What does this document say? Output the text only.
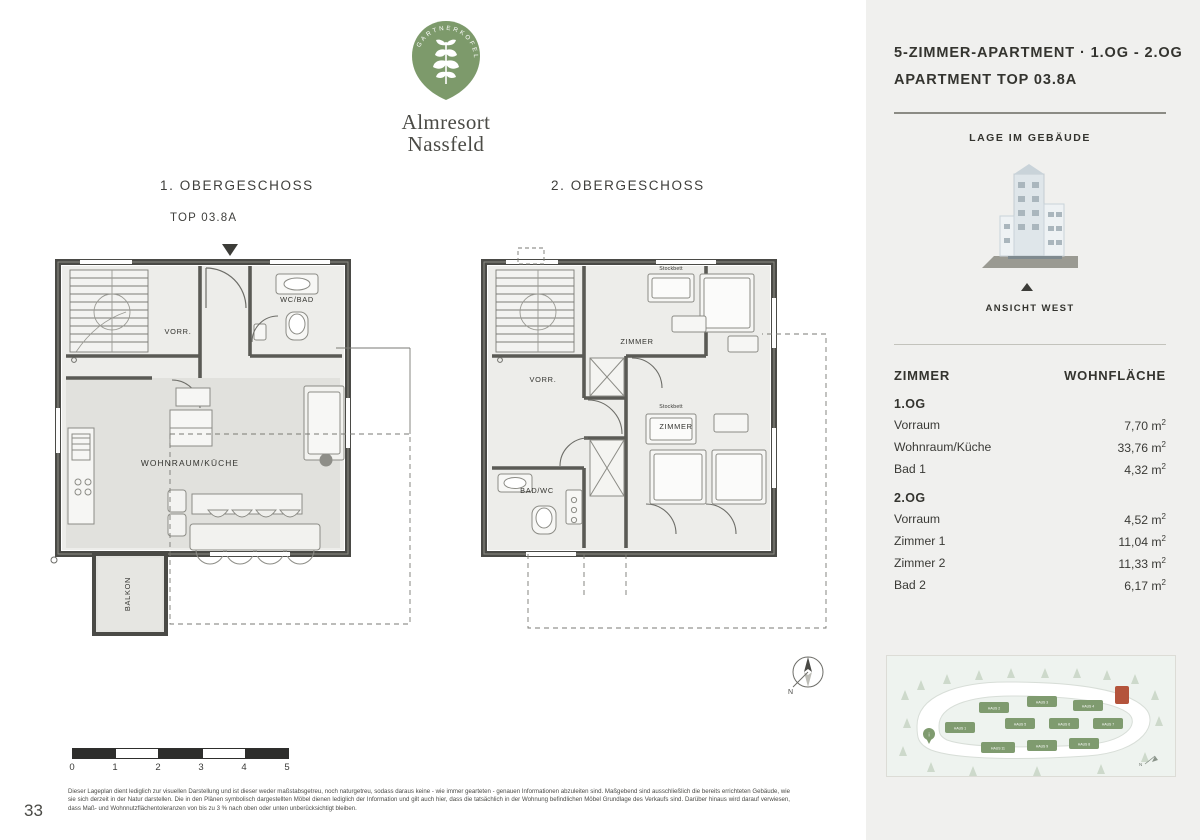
GARTNERKOFEL
Almresort
Nassfeld
1. OBERGESCHOSS	2. OBERGESCHOSS
TOP 03.8A
VORR.
WC/BAD
WOHNRAUM/KÜCHE
BALKON
Stockbett
Stockbett
ZIMMER
VORR.
ZIMMER
BAD/WC
N
0	1	2	3	4	5
33
Dieser Lageplan dient lediglich zur visuellen Darstellung und ist dieser weder maßstabsgetreu, noch naturgetreu, sodass daraus keine - wie immer gearteten - genauen Informationen abzuleiten sind. Maßgebend sind ausschließlich die bereits errichteten Gebäude, wie sie sich derzeit in der Natur darstellen. Die in den Plänen symbolisch dargestellten Möbel dienen lediglich der Information und gilt auch hier, dass die tatsächlich in der Wohnung befindlichen Möbel Grundlage des Verkaufs sind. Darüber hinaus wird darauf verwiesen, dass Maß- und Wohnnutzflächentoleranzen von bis zu 3 % nach oben oder unten unberücksichtigt bleiben.
5-ZIMMER-APARTMENT · 1.OG - 2.OG
APARTMENT TOP 03.8A
LAGE IM GEBÄUDE
ANSICHT WEST
ZIMMER	WOHNFLÄCHE
1.OG
Vorraum	7,70 $m^2$
Wohnraum/Küche	33,76 $m^2$
Bad 1	4,32 $m^2$
2.OG
Vorraum	4,52 $m^2$
Zimmer 1	11,04 $m^2$
Zimmer 2	11,33 $m^2$
Bad 2	6,17 $m^2$
HAUS 1
HAUS 2
HAUS 3
HAUS 4
HAUS 5	HAUS 6	HAUS 7
HAUS 9	HAUS 8
HAUS 11
i
N
